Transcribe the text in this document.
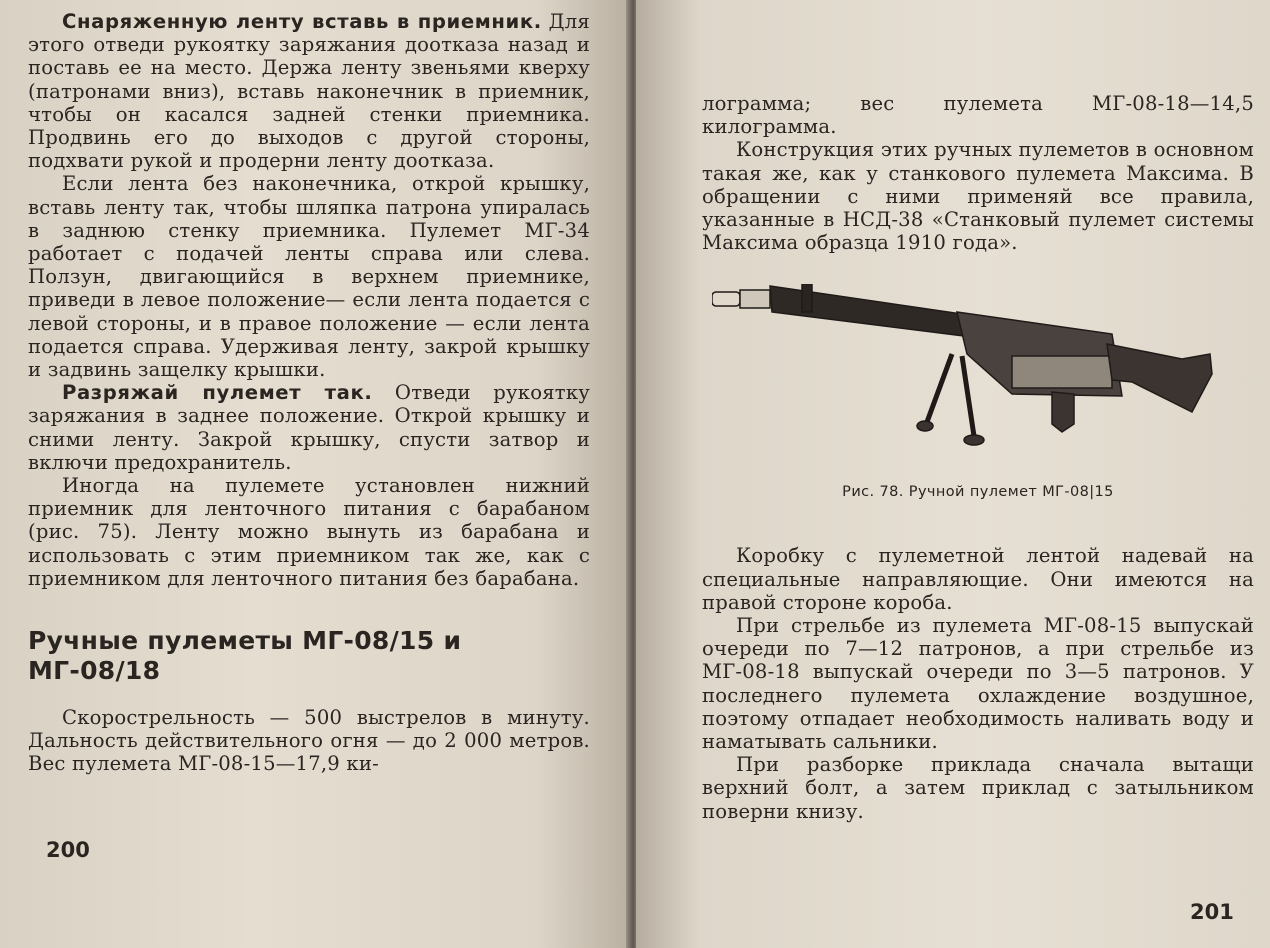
Снаряженную ленту вставь в приемник. Для этого отведи рукоятку заряжания доотказа назад и поставь ее на место. Держа ленту звеньями кверху (патронами вниз), вставь наконечник в приемник, чтобы он касался задней стенки приемника. Продвинь его до выходов с другой стороны, подхвати рукой и продерни ленту доотказа.

Если лента без наконечника, открой крышку, вставь ленту так, чтобы шляпка патрона упиралась в заднюю стенку приемника. Пулемет МГ-34 работает с подачей ленты справа или слева. Ползун, двигающийся в верхнем приемнике, приведи в левое положение— если лента подается с левой стороны, и в правое положение — если лента подается справа. Удерживая ленту, закрой крышку и задвинь защелку крышки.

Разряжай пулемет так. Отведи рукоятку заряжания в заднее положение. Открой крышку и сними ленту. Закрой крышку, спусти затвор и включи предохранитель.

Иногда на пулемете установлен нижний приемник для ленточного питания с барабаном (рис. 75). Ленту можно вынуть из барабана и использовать с этим приемником так же, как с приемником для ленточного питания без барабана.

Ручные пулеметы МГ-08/15 и МГ-08/18

Скорострельность — 500 выстрелов в минуту. Дальность действительного огня — до 2 000 метров. Вес пулемета МГ-08-15—17,9 ки-

200

лограмма; вес пулемета МГ-08-18—14,5 килограмма.

Конструкция этих ручных пулеметов в основном такая же, как у станкового пулемета Максима. В обращении с ними применяй все правила, указанные в НСД-38 «Станковый пулемет системы Максима образца 1910 года».

Рис. 78. Ручной пулемет МГ-08|15

Коробку с пулеметной лентой надевай на специальные направляющие. Они имеются на правой стороне короба.

При стрельбе из пулемета МГ-08-15 выпускай очереди по 7—12 патронов, а при стрельбе из МГ-08-18 выпускай очереди по 3—5 патронов. У последнего пулемета охлаждение воздушное, поэтому отпадает необходимость наливать воду и наматывать сальники.

При разборке приклада сначала вытащи верхний болт, а затем приклад с затыльником поверни книзу.

201
